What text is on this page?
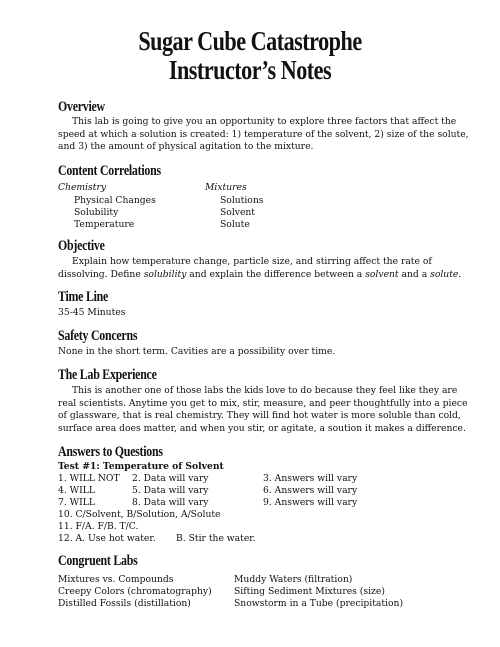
Sugar Cube Catastrophe
Instructor’s Notes
Overview
This lab is going to give you an opportunity to explore three factors that affect the speed at which a solution is created: 1) temperature of the solvent, 2) size of the solute, and 3) the amount of physical agitation to the mixture.
Content Correlations
Chemistry
Physical Changes
Solubility
Temperature
Mixtures
Solutions
Solvent
Solute
Objective
Explain how temperature change, particle size, and stirring affect the rate of dissolving. Define solubility and explain the difference between a solvent and a solute.
Time Line
35-45 Minutes
Safety Concerns
None in the short term. Cavities are a possibility over time.
The Lab Experience
This is another one of those labs the kids love to do because they feel like they are real scientists. Anytime you get to mix, stir, measure, and peer thoughtfully into a piece of glassware, that is real chemistry. They will find hot water is more soluble than cold, surface area does matter, and when you stir, or agitate, a soution it makes a difference.
Answers to Questions
Test #1: Temperature of Solvent
1. WILL NOT
4. WILL
7. WILL
2. Data will vary
5. Data will vary
8. Data will vary
3. Answers will vary
6. Answers will vary
9. Answers will vary
10. C/Solvent, B/Solution, A/Solute
11. F/A. F/B. T/C.
12. A. Use hot water. B. Stir the water.
Congruent Labs
Mixtures vs. Compounds
Creepy Colors (chromatography)
Distilled Fossils (distillation)
Muddy Waters (filtration)
Sifting Sediment Mixtures (size)
Snowstorm in a Tube (precipitation)
